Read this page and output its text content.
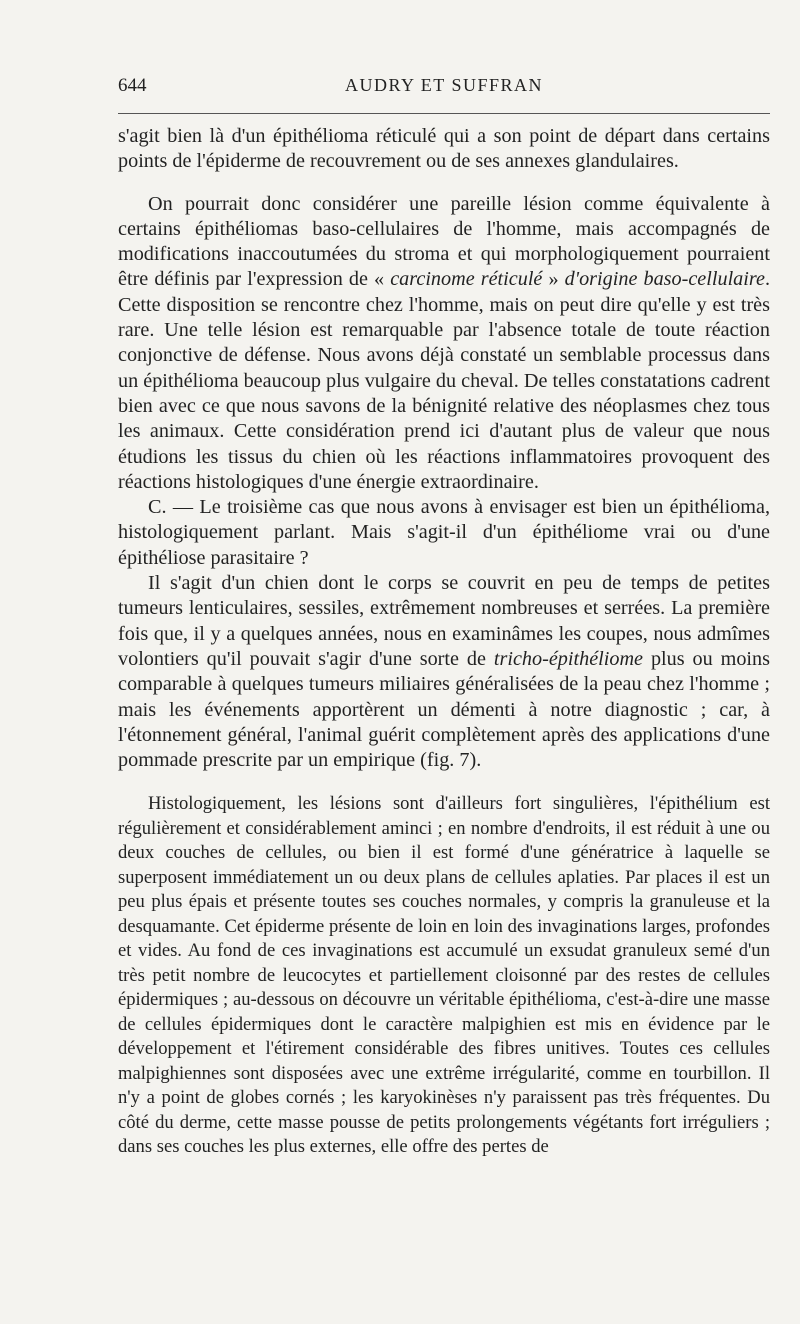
644	AUDRY ET SUFFRAN

s'agit bien là d'un épithélioma réticulé qui a son point de départ dans certains points de l'épiderme de recouvrement ou de ses annexes glandulaires.

On pourrait donc considérer une pareille lésion comme équivalente à certains épithéliomas baso-cellulaires de l'homme, mais accompagnés de modifications inaccoutumées du stroma et qui morphologiquement pourraient être définis par l'expression de « carcinome réticulé » d'origine baso-cellulaire. Cette disposition se rencontre chez l'homme, mais on peut dire qu'elle y est très rare. Une telle lésion est remarquable par l'absence totale de toute réaction conjonctive de défense. Nous avons déjà constaté un semblable processus dans un épithélioma beaucoup plus vulgaire du cheval. De telles constatations cadrent bien avec ce que nous savons de la bénignité relative des néoplasmes chez tous les animaux. Cette considération prend ici d'autant plus de valeur que nous étudions les tissus du chien où les réactions inflammatoires provoquent des réactions histologiques d'une énergie extraordinaire.

C. — Le troisième cas que nous avons à envisager est bien un épithélioma, histologiquement parlant. Mais s'agit-il d'un épithéliome vrai ou d'une épithéliose parasitaire ?

Il s'agit d'un chien dont le corps se couvrit en peu de temps de petites tumeurs lenticulaires, sessiles, extrêmement nombreuses et serrées. La première fois que, il y a quelques années, nous en examinâmes les coupes, nous admîmes volontiers qu'il pouvait s'agir d'une sorte de tricho-épithéliome plus ou moins comparable à quelques tumeurs miliaires généralisées de la peau chez l'homme ; mais les événements apportèrent un démenti à notre diagnostic ; car, à l'étonnement général, l'animal guérit complètement après des applications d'une pommade prescrite par un empirique (fig. 7).

Histologiquement, les lésions sont d'ailleurs fort singulières, l'épithélium est régulièrement et considérablement aminci ; en nombre d'endroits, il est réduit à une ou deux couches de cellules, ou bien il est formé d'une génératrice à laquelle se superposent immédiatement un ou deux plans de cellules aplaties. Par places il est un peu plus épais et présente toutes ses couches normales, y compris la granuleuse et la desquamante. Cet épiderme présente de loin en loin des invaginations larges, profondes et vides. Au fond de ces invaginations est accumulé un exsudat granuleux semé d'un très petit nombre de leucocytes et partiellement cloisonné par des restes de cellules épidermiques ; au-dessous on découvre un véritable épithélioma, c'est-à-dire une masse de cellules épidermiques dont le caractère malpighien est mis en évidence par le développement et l'étirement considérable des fibres unitives. Toutes ces cellules malpighiennes sont disposées avec une extrême irrégularité, comme en tourbillon. Il n'y a point de globes cornés ; les karyokinèses n'y paraissent pas très fréquentes. Du côté du derme, cette masse pousse de petits prolongements végétants fort irréguliers ; dans ses couches les plus externes, elle offre des pertes de
